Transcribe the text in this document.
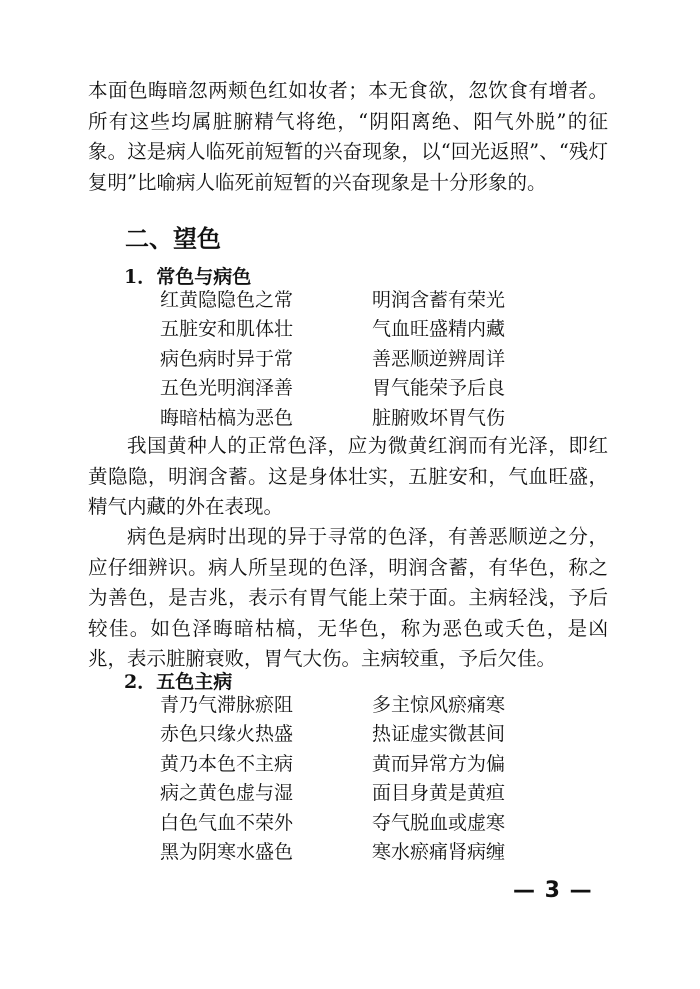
本面色晦暗忽两颊色红如妆者；本无食欲，忽饮食有增者。所有这些均属脏腑精气将绝，“阴阳离绝、阳气外脱”的征象。这是病人临死前短暂的兴奋现象，以“回光返照”、“残灯复明”比喻病人临死前短暂的兴奋现象是十分形象的。

二、望色
1．常色与病色
红黄隐隐色之常	明润含蓄有荣光
五脏安和肌体壮	气血旺盛精内藏
病色病时异于常	善恶顺逆辨周详
五色光明润泽善	胃气能荣予后良
晦暗枯槁为恶色	脏腑败坏胃气伤

我国黄种人的正常色泽，应为微黄红润而有光泽，即红黄隐隐，明润含蓄。这是身体壮实，五脏安和，气血旺盛，精气内藏的外在表现。

病色是病时出现的异于寻常的色泽，有善恶顺逆之分，应仔细辨识。病人所呈现的色泽，明润含蓄，有华色，称之为善色，是吉兆，表示有胃气能上荣于面。主病轻浅，予后较佳。如色泽晦暗枯槁，无华色，称为恶色或夭色，是凶兆，表示脏腑衰败，胃气大伤。主病较重，予后欠佳。

2．五色主病
青乃气滞脉瘀阻	多主惊风瘀痛寒
赤色只缘火热盛	热证虚实微甚间
黄乃本色不主病	黄而异常方为偏
病之黄色虚与湿	面目身黄是黄疸
白色气血不荣外	夺气脱血或虚寒
黑为阴寒水盛色	寒水瘀痛肾病缠
— 3 —
